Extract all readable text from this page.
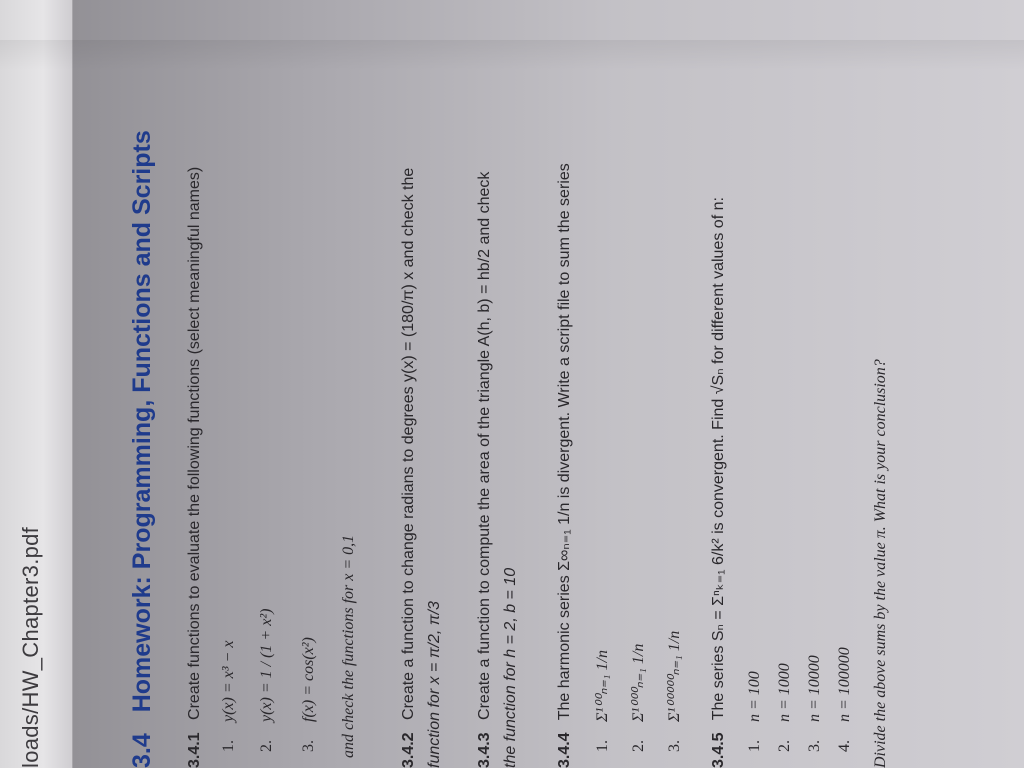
loads/HW_Chapter3.pdf	3.4 Homework: Programming, Functions and Scripts
3.4.1 Create functions to evaluate the following functions (select meaningful names)
1. y(x) = x³ − x
2. y(x) = 1 / (1 + x²)
3. f(x) = cos(x²) and check the functions for x = 0,1	3.4.2 Create a function to change radians to degrees y(x) = (180/π) x and check the function for x = π/2, π/3 3.4.3 Create a function to compute the area of the triangle A(h, b) = hb/2 and check the function for h = 2, b = 10 3.4.4 The harmonic series Σ∞ₙ₌₁ 1/n is divergent. Write a script file to sum the series
1. Σ¹⁰⁰ₙ₌₁ 1/n
2. Σ¹⁰⁰⁰ₙ₌₁ 1/n
3. Σ¹⁰⁰⁰⁰⁰ₙ₌₁ 1/n
3.4.5 The series Sₙ = Σⁿₖ₌₁ 6/k² is convergent. Find √Sₙ for different values of n:
1. n = 100
2. n = 1000
3. n = 10000
4. n = 100000 Divide the above sums by the value π. What is your conclusion?
